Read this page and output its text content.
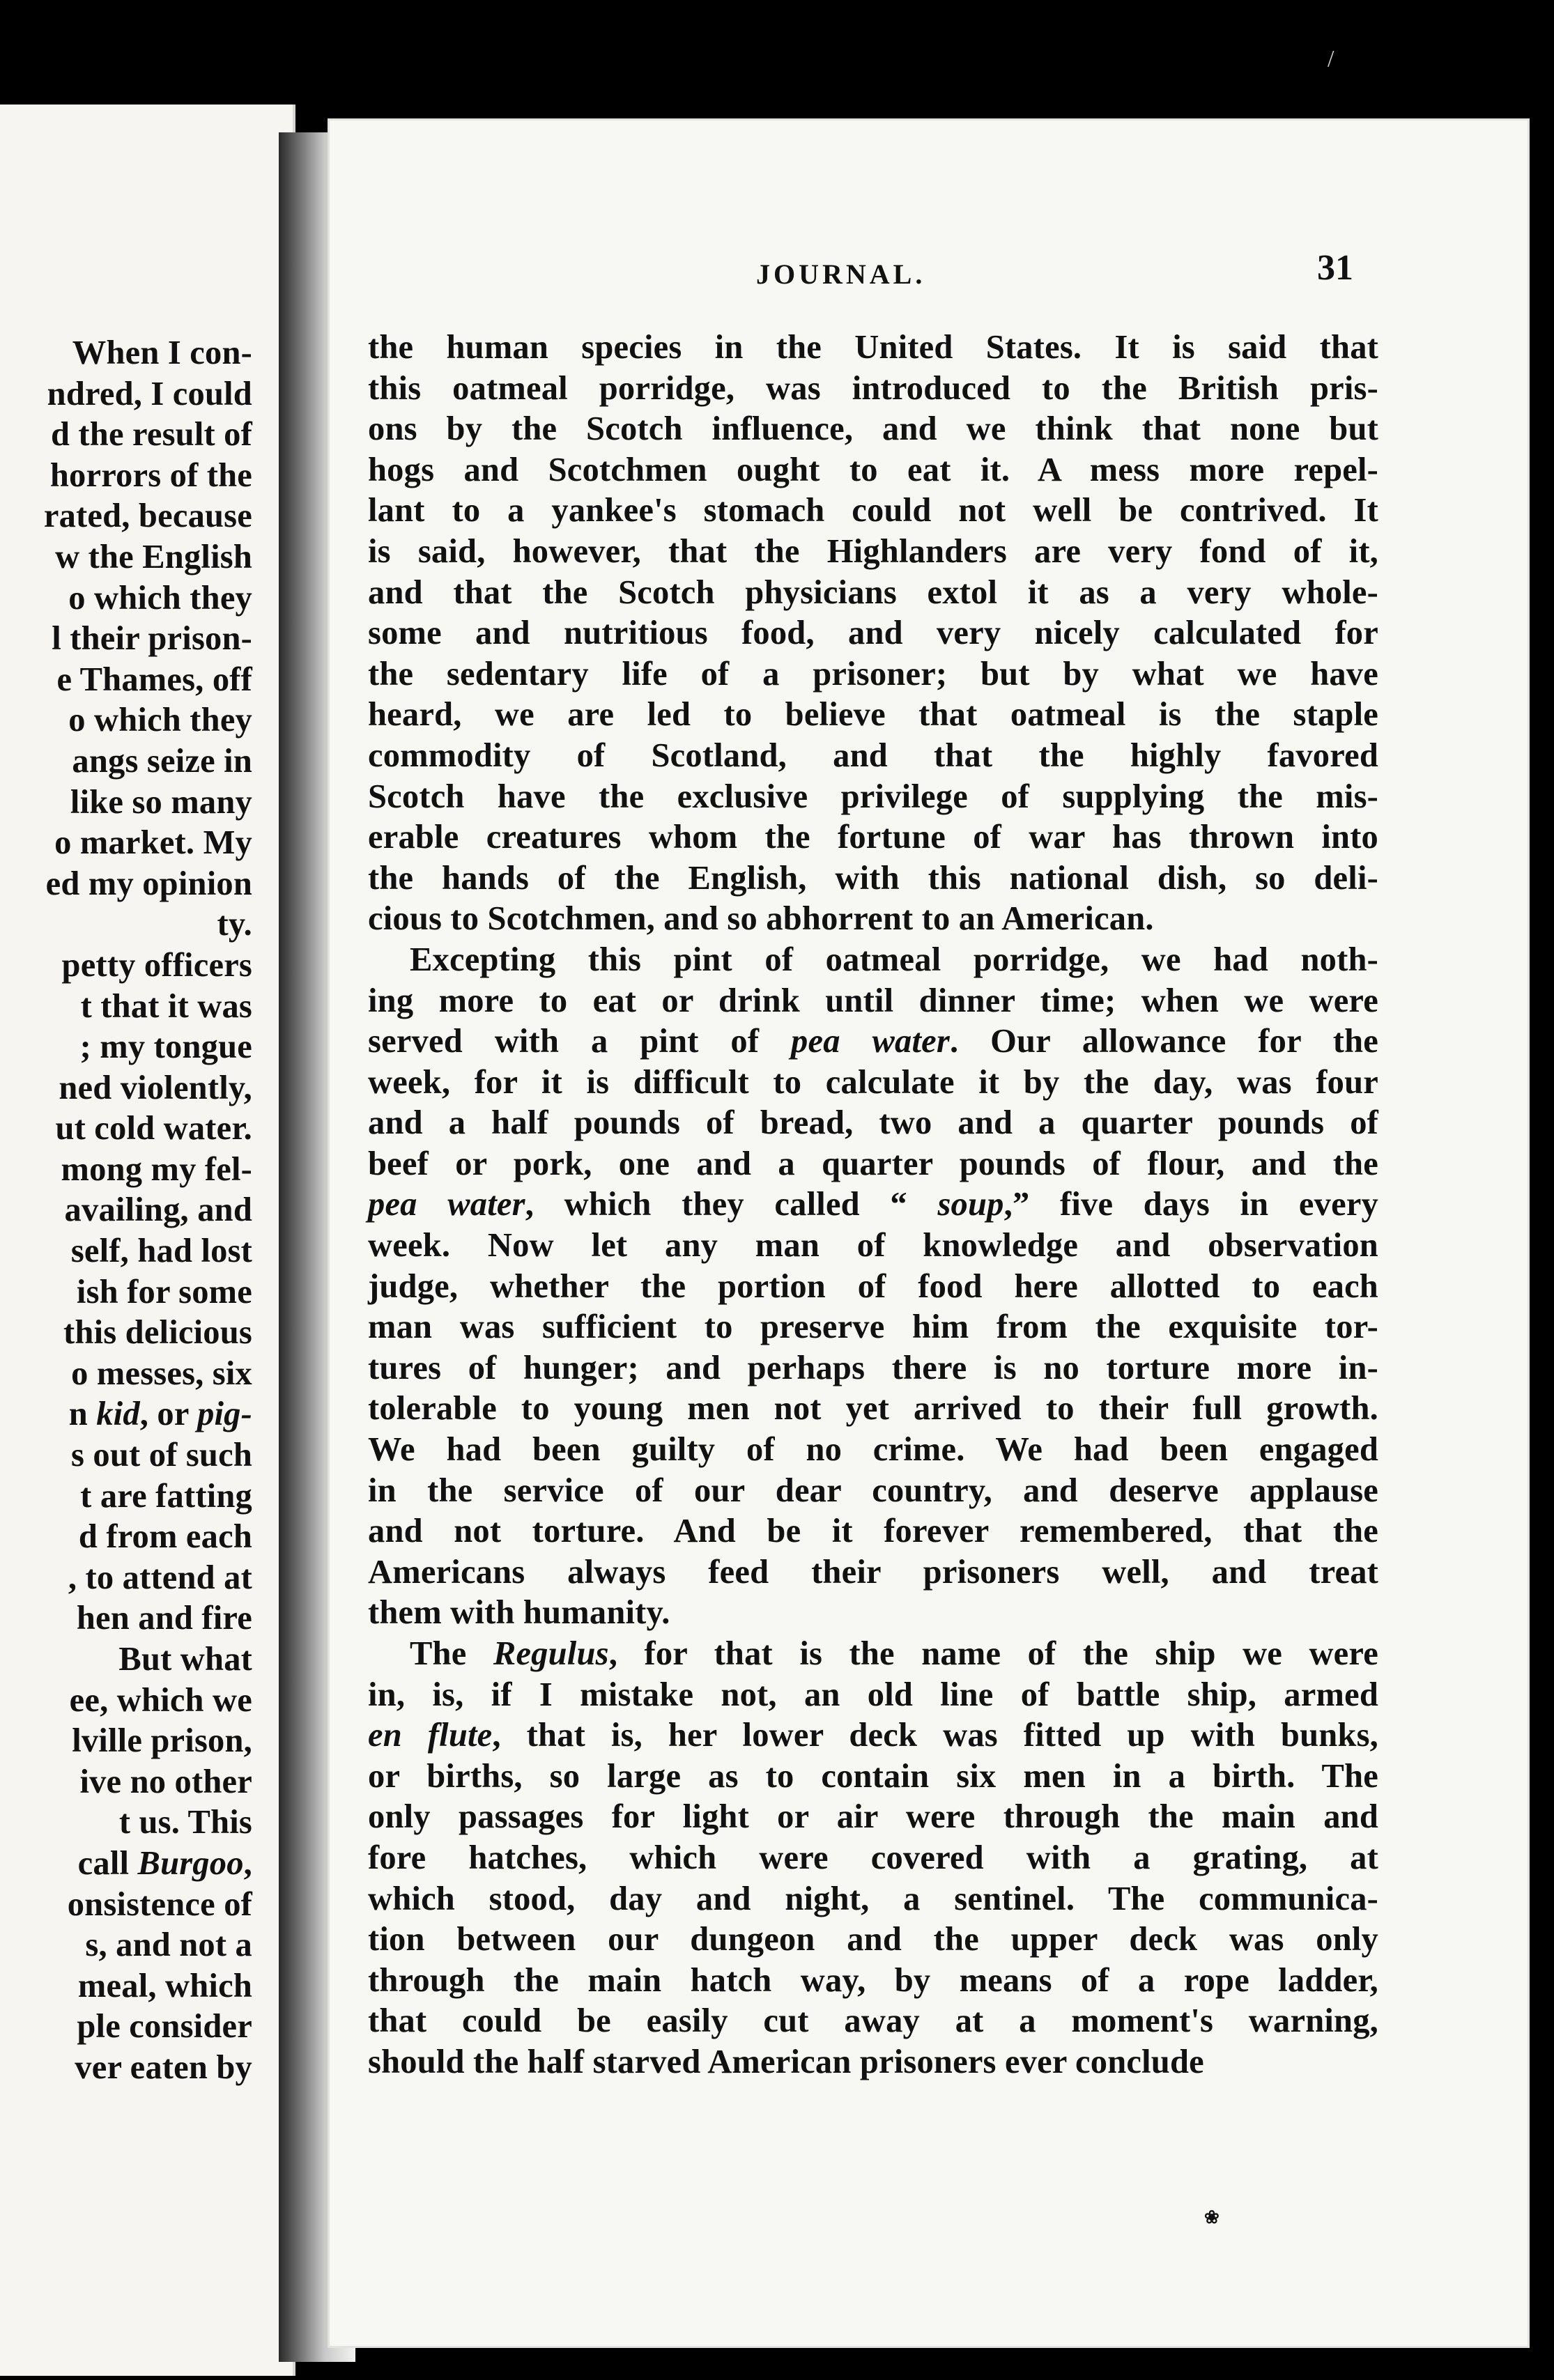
When I con-
ndred, I could
d the result of
horrors of the
rated, because
w the English
o which they
l their prison-
e Thames, off
o which they
angs seize in
like so many
o market. My
ed my opinion
ty.
petty officers
t that it was
; my tongue
ned violently,
ut cold water.
mong my fel-
availing, and
self, had lost
ish for some
this delicious
o messes, six
n kid, or pig-
s out of such
t are fatting
d from each
, to attend at
hen and fire
But what
ee, which we
lville prison,
ive no other
t us. This
call Burgoo,
onsistence of
s, and not a
meal, which
ple consider
ver eaten by
/
JOURNAL.	31
the human species in the United States. It is said that
this oatmeal porridge, was introduced to the British pris-
ons by the Scotch influence, and we think that none but
hogs and Scotchmen ought to eat it. A mess more repel-
lant to a yankee's stomach could not well be contrived. It
is said, however, that the Highlanders are very fond of it,
and that the Scotch physicians extol it as a very whole-
some and nutritious food, and very nicely calculated for
the sedentary life of a prisoner; but by what we have
heard, we are led to believe that oatmeal is the staple
commodity of Scotland, and that the highly favored
Scotch have the exclusive privilege of supplying the mis-
erable creatures whom the fortune of war has thrown into
the hands of the English, with this national dish, so deli-
cious to Scotchmen, and so abhorrent to an American.
Excepting this pint of oatmeal porridge, we had noth-
ing more to eat or drink until dinner time; when we were
served with a pint of pea water. Our allowance for the
week, for it is difficult to calculate it by the day, was four
and a half pounds of bread, two and a quarter pounds of
beef or pork, one and a quarter pounds of flour, and the
pea water, which they called “ soup,” five days in every
week. Now let any man of knowledge and observation
judge, whether the portion of food here allotted to each
man was sufficient to preserve him from the exquisite tor-
tures of hunger; and perhaps there is no torture more in-
tolerable to young men not yet arrived to their full growth.
We had been guilty of no crime. We had been engaged
in the service of our dear country, and deserve applause
and not torture. And be it forever remembered, that the
Americans always feed their prisoners well, and treat
them with humanity.
The Regulus, for that is the name of the ship we were
in, is, if I mistake not, an old line of battle ship, armed
en flute, that is, her lower deck was fitted up with bunks,
or births, so large as to contain six men in a birth. The
only passages for light or air were through the main and
fore hatches, which were covered with a grating, at
which stood, day and night, a sentinel. The communica-
tion between our dungeon and the upper deck was only
through the main hatch way, by means of a rope ladder,
that could be easily cut away at a moment's warning,
should the half starved American prisoners ever conclude
❀
